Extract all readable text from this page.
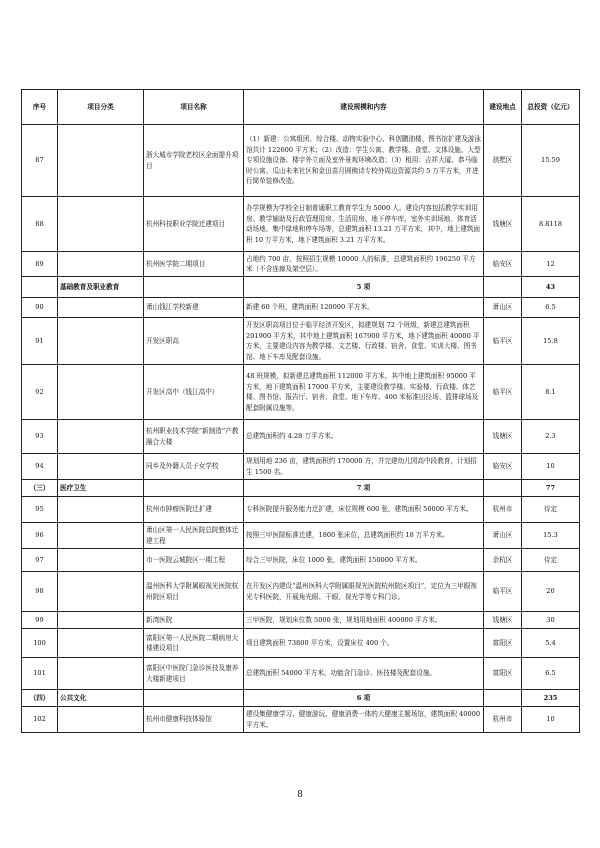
序号	项目分类	项目名称	建设规模和内容	建设地点	总投资（亿元）
87		浙大城市学院老校区全面提升项目	（1）新建：公寓组团、综合楼、动物实验中心、科创鹏油楼、图书馆扩建及游泳馆共计 122600 平方米；（2）改造：学生公寓、教学楼、食堂、文体设施、大型专项设施设备、楼宇外立面及室外景观环境改造；（3）租用：吉祥大厦、恭马临时公寓、瓜山未来社区和金田苗月圆佛诗专校外周边资源共约 5 万平方米，并进行简单装修改造。	拱墅区	15.59
88		杭州科技职业学院迁建项目	办学规模为学校全日制普通职工教育学生为 5000 人。建设内容包括教学实训用房、教学辅助及行政管理用房、生活用房、地下停车库，室外实训场地、体育活动场地、集中绿地和停车场等，总建筑面积 13.21 万平方米，其中，地上建筑面积 10 万平方米，地下建筑面积 3.21 万平方米。	钱塘区	8.8118
89		杭州医学院二期项目	占地约 700 亩，按照招生规模 10000 人的标准，总建筑面积约 196250 平方米（不含连廊及架空层）。	临安区	12
	基础教育及职业教育		5 项		43
90		萧山钱江学校新建	新建 60 个班，建筑面积 120000 平方米。	萧山区	6.5
91		开发区职高	开发区职高项目位于临平经济开发区，拟建规划 72 个班级，新建总建筑面积 201900 平方米，其中地上建筑面积 167900 平方米，地下建筑面积 40000 平方米，主要建设内容为教学楼、文艺楼、行政楼、宿舍、食堂、实训大楼、图书馆、地下车库及配套设施。	临平区	15.8
92		开发区高中（钱江高中）	48 班规模，拟新建总建筑面积 112000 平方米，其中地上建筑面积 95000 平方米，地下建筑面积 17000 平方米，主要建设教学楼、实验楼、行政楼、体艺楼、图书馆、报告厅、宿舍、食堂、地下车库、400 米标准田径场、篮排球场及配套附属设施等。	临平区	8.1
93		杭州职业技术学院“新制造”产教融合大楼	总建筑面积约 4.28 万平方米。	钱塘区	2.3
94		同乡及外籍人员子女学校	规划用地 236 亩，建筑面积约 170000 方，并完建幼儿园高中段教育，计划招生 1500 名。	临安区	10
（三）	医疗卫生		7 项		77
95		杭州市肿瘤医院迁扩建	专科医院提升服务能力迁扩建，床位规模 600 张，建筑面积 50000 平方米。	杭州市	待定
96		萧山区第一人民医院总院整体迁建工程	按照三甲医院标准迁建，1800 张床位，总建筑面积约 18 万平方米。	萧山区	15.3
97		市一医院云城院区一期工程	综合三甲医院，床位 1000 张，建筑面积 150000 平方米。	余杭区	待定
98		温州医科大学附属眼视光医院杭州院区项目	在开发区内建设“温州医科大学附属眼视光医院杭州院区项目”，定位为三甲眼视光专科医院，开展角光眼、干眼、视光学等专科门诊。	临平区	20
99		新湾医院	三甲医院，规划床位数 5000 张，规划用地面积 400000 平方米。	钱塘区	30
100		富阳区第一人民医院二期病房大楼建设项目	项目建筑面积 73800 平方米，设置床位 400 个。	富阳区	5.4
101		富阳区中医院门急诊医技及康养大楼新建项目	总建筑面积 54000 平方米，功能含门急诊、医技楼及配套设施。	富阳区	6.5
（四）	公共文化		6 项		235
102		杭州市健康科技体验馆	建设集健康学习、健康游玩、健康消费一体的大健康主题场馆，建筑面积 40000 平方米。	杭州市	10
8
